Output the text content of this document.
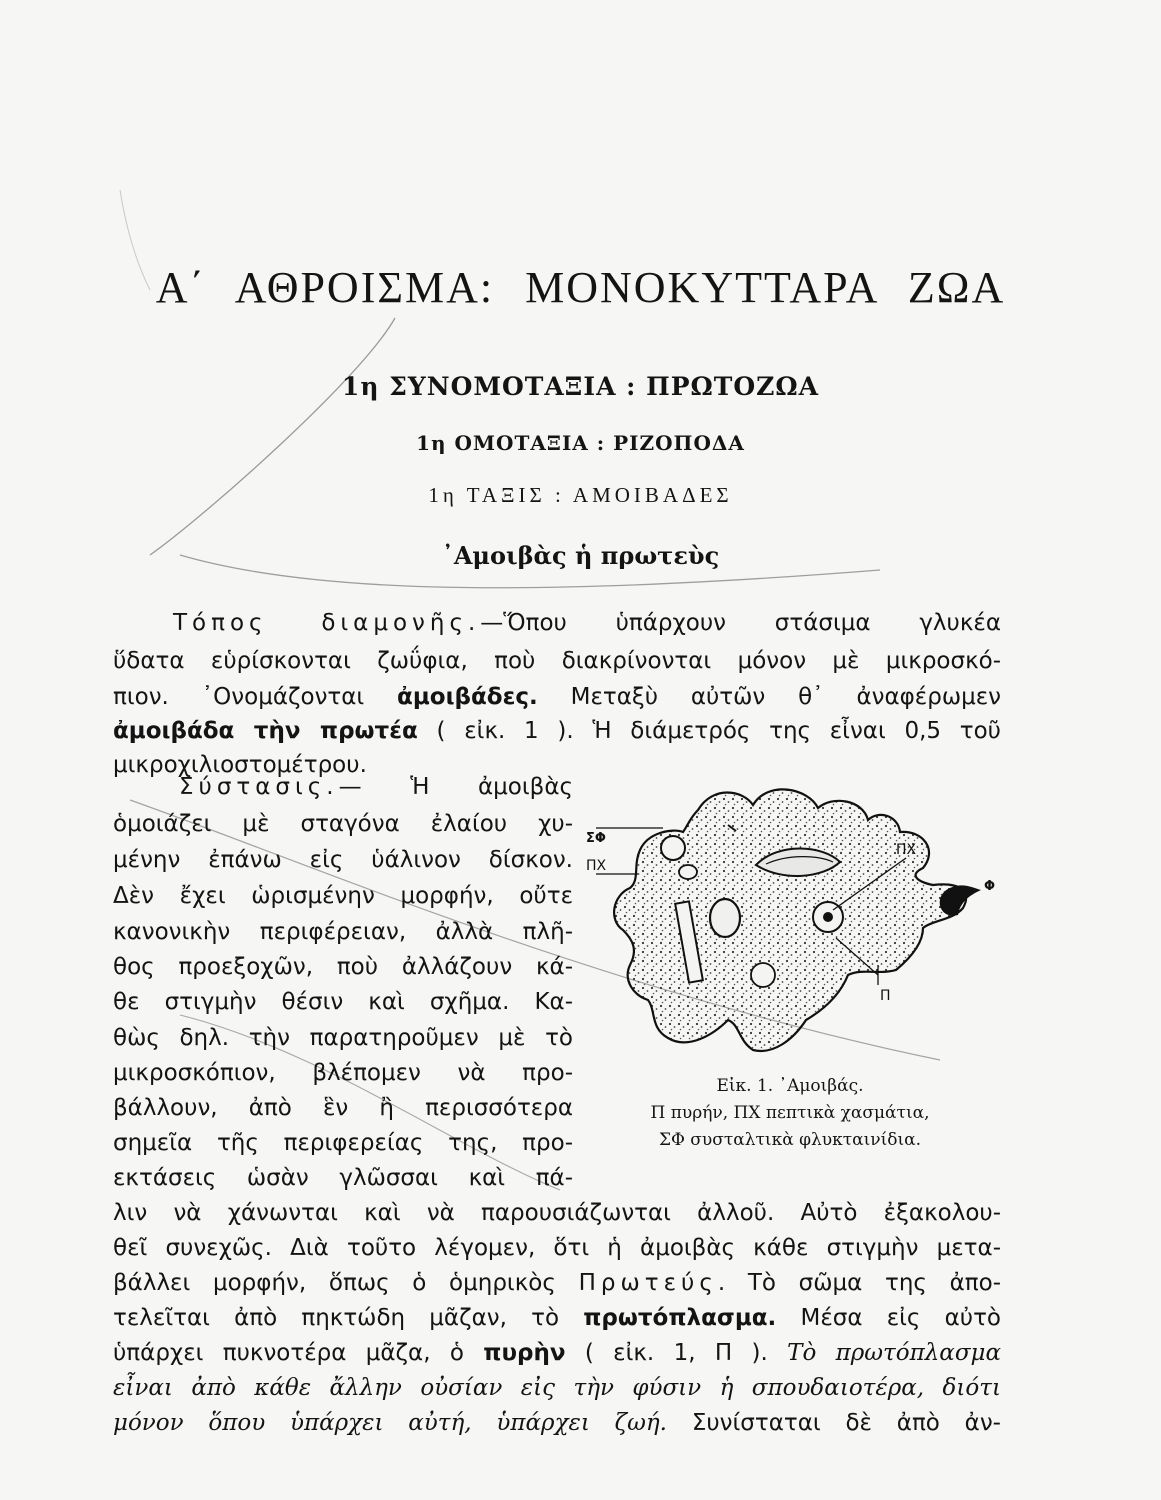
Α΄ ΑΘΡΟΙΣΜΑ: ΜΟΝΟΚΥΤΤΑΡΑ ΖΩΑ
1η ΣΥΝΟΜΟΤΑΞΙΑ : ΠΡΩΤΟΖΩΑ
1η ΟΜΟΤΑΞΙΑ : ΡΙΖΟΠΟΔΑ
1η ΤΑΞΙΣ : ΑΜΟΙΒΑΔΕΣ
᾿Αμοιβὰς ἡ πρωτεὺς
Τόπος διαμονῆς.—Ὅπου ὑπάρχουν στάσιμα γλυκέα
ὕδατα εὑρίσκονται ζωΰφια, ποὺ διακρίνονται μόνον μὲ μικροσκό-
πιον. ᾿Ονομάζονται ἀμοιβάδες. Μεταξὺ αὐτῶν θ᾿ ἀναφέρωμεν
ἀμοιβάδα τὴν πρωτέα ( εἰκ. 1 ). Ἡ διάμετρός της εἶναι 0,5 τοῦ
μικροχιλιοστομέτρου.
Σύστασις.— Ἡ ἀμοιβὰς
ὁμοιάζει μὲ σταγόνα ἐλαίου χυ-
μένην ἐπάνω εἰς ὑάλινον δίσκον.
Δὲν ἔχει ὡρισμένην μορφήν, οὔτε
κανονικὴν περιφέρειαν, ἀλλὰ πλῆ-
θος προεξοχῶν, ποὺ ἀλλάζουν κά-
θε στιγμὴν θέσιν καὶ σχῆμα. Κα-
θὼς δηλ. τὴν παρατηροῦμεν μὲ τὸ
μικροσκόπιον, βλέπομεν νὰ προ-
βάλλουν, ἀπὸ ἓν ἢ περισσότερα
σημεῖα τῆς περιφερείας της, προ-
εκτάσεις ὡσὰν γλῶσσαι καὶ πά-
λιν νὰ χάνωνται καὶ νὰ παρουσιάζωνται ἀλλοῦ. Αὐτὸ ἐξακολου-
θεῖ συνεχῶς. Διὰ τοῦτο λέγομεν, ὅτι ἡ ἀμοιβὰς κάθε στιγμὴν μετα-
βάλλει μορφήν, ὅπως ὁ ὁμηρικὸς Πρωτεύς. Τὸ σῶμα της ἀπο-
τελεῖται ἀπὸ πηκτώδη μᾶζαν, τὸ πρωτόπλασμα. Μέσα εἰς αὐτὸ
ὑπάρχει πυκνοτέρα μᾶζα, ὁ πυρὴν ( εἰκ. 1, Π ). Τὸ πρωτόπλασμα
εἶναι ἀπὸ κάθε ἄλλην οὐσίαν εἰς τὴν φύσιν ἡ σπουδαιοτέρα, διότι
μόνον ὅπου ὑπάρχει αὐτή, ὑπάρχει ζωή. Συνίσταται δὲ ἀπὸ ἀν-
ΣΦ
ΠΧ
ΠΧ
Φ
Π
Εἰκ. 1. ᾿Αμοιβάς.
Π πυρήν, ΠΧ πεπτικὰ χασμάτια,
ΣΦ συσταλτικὰ φλυκταινίδια.
